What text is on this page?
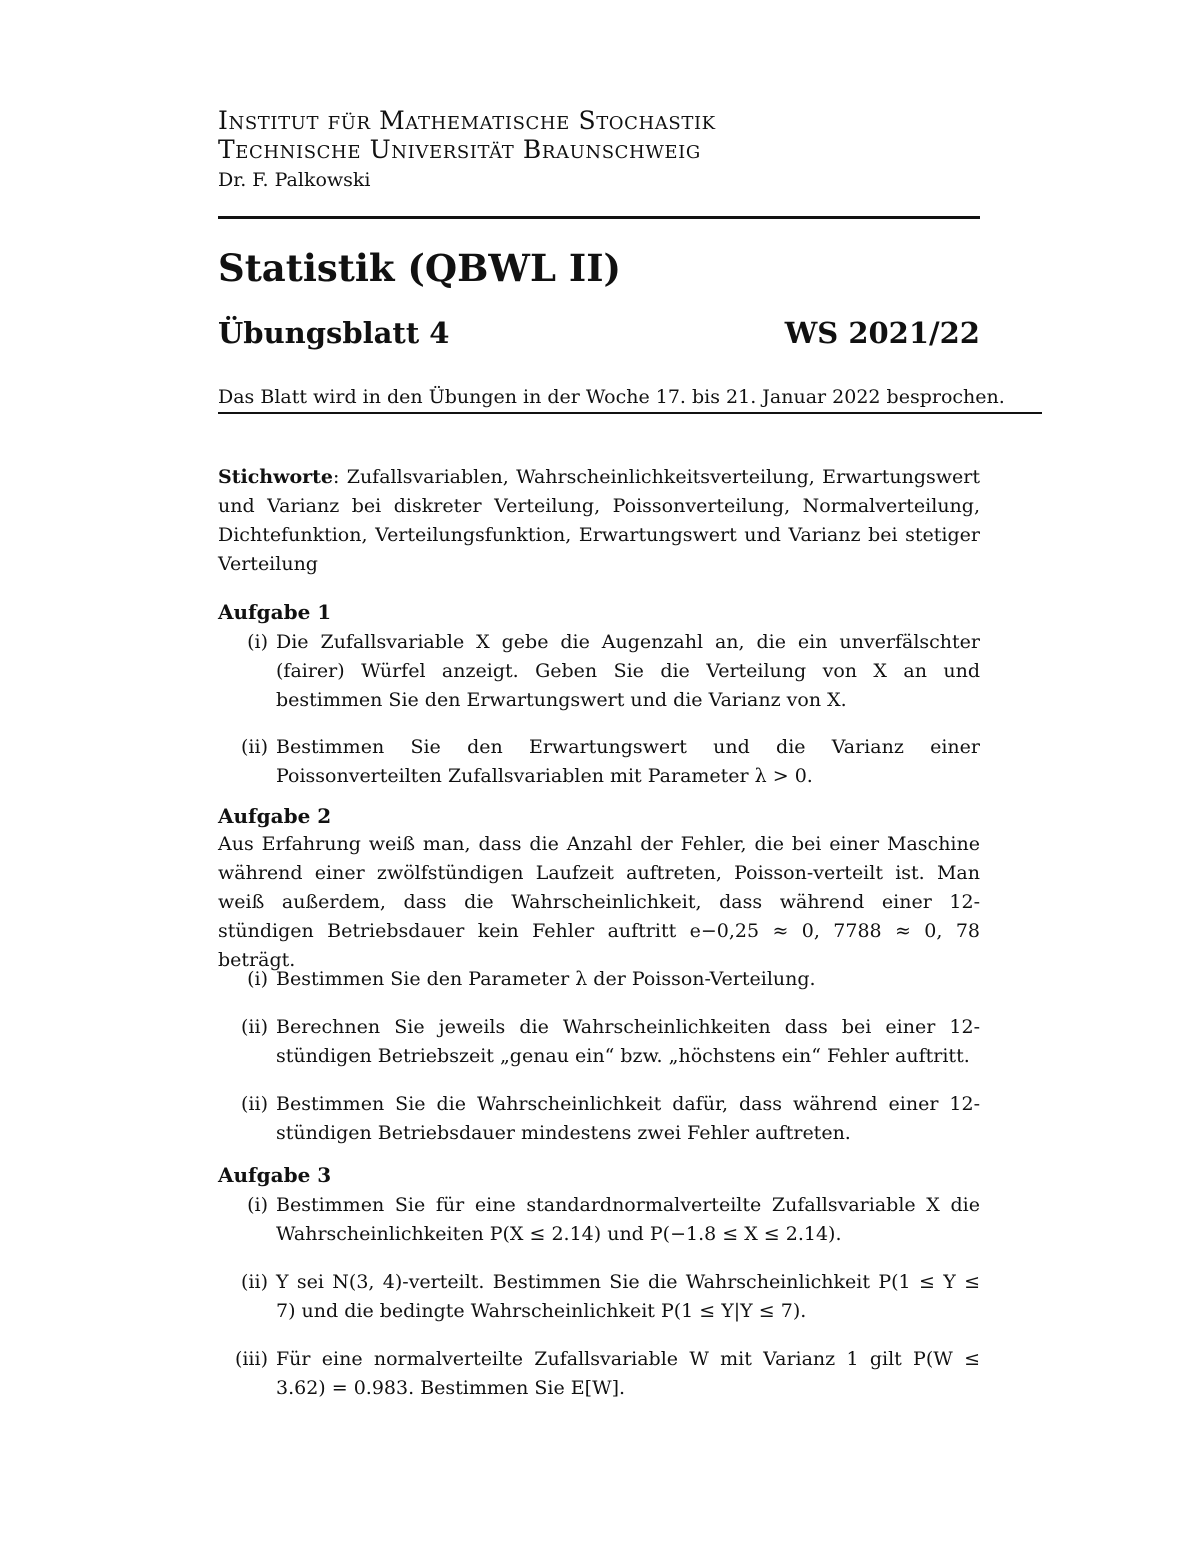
Institut für Mathematische Stochastik
Technische Universität Braunschweig
Dr. F. Palkowski
Statistik (QBWL II)
Übungsblatt 4	WS 2021/22
Das Blatt wird in den Übungen in der Woche 17. bis 21. Januar 2022 besprochen.
Stichworte: Zufallsvariablen, Wahrscheinlichkeitsverteilung, Erwartungswert und Varianz bei diskreter Verteilung, Poissonverteilung, Normalverteilung, Dichtefunktion, Verteilungsfunktion, Erwartungswert und Varianz bei stetiger Verteilung
Aufgabe 1
(i) Die Zufallsvariable X gebe die Augenzahl an, die ein unverfälschter (fairer) Würfel anzeigt. Geben Sie die Verteilung von X an und bestimmen Sie den Erwartungswert und die Varianz von X.
(ii) Bestimmen Sie den Erwartungswert und die Varianz einer Poissonverteilten Zufallsvariablen mit Parameter λ > 0.
Aufgabe 2
Aus Erfahrung weiß man, dass die Anzahl der Fehler, die bei einer Maschine während einer zwölfstündigen Laufzeit auftreten, Poisson-verteilt ist. Man weiß außerdem, dass die Wahrscheinlichkeit, dass während einer 12-stündigen Betriebsdauer kein Fehler auftritt e−0,25 ≈ 0, 7788 ≈ 0, 78 beträgt.
(i) Bestimmen Sie den Parameter λ der Poisson-Verteilung.
(ii) Berechnen Sie jeweils die Wahrscheinlichkeiten dass bei einer 12-stündigen Betriebszeit „genau ein“ bzw. „höchstens ein“ Fehler auftritt.
(ii) Bestimmen Sie die Wahrscheinlichkeit dafür, dass während einer 12-stündigen Betriebsdauer mindestens zwei Fehler auftreten.
Aufgabe 3
(i) Bestimmen Sie für eine standardnormalverteilte Zufallsvariable X die Wahrscheinlichkeiten P(X ≤ 2.14) und P(−1.8 ≤ X ≤ 2.14).
(ii) Y sei N(3, 4)-verteilt. Bestimmen Sie die Wahrscheinlichkeit P(1 ≤ Y ≤ 7) und die bedingte Wahrscheinlichkeit P(1 ≤ Y|Y ≤ 7).
(iii) Für eine normalverteilte Zufallsvariable W mit Varianz 1 gilt P(W ≤ 3.62) = 0.983. Bestimmen Sie E[W].
